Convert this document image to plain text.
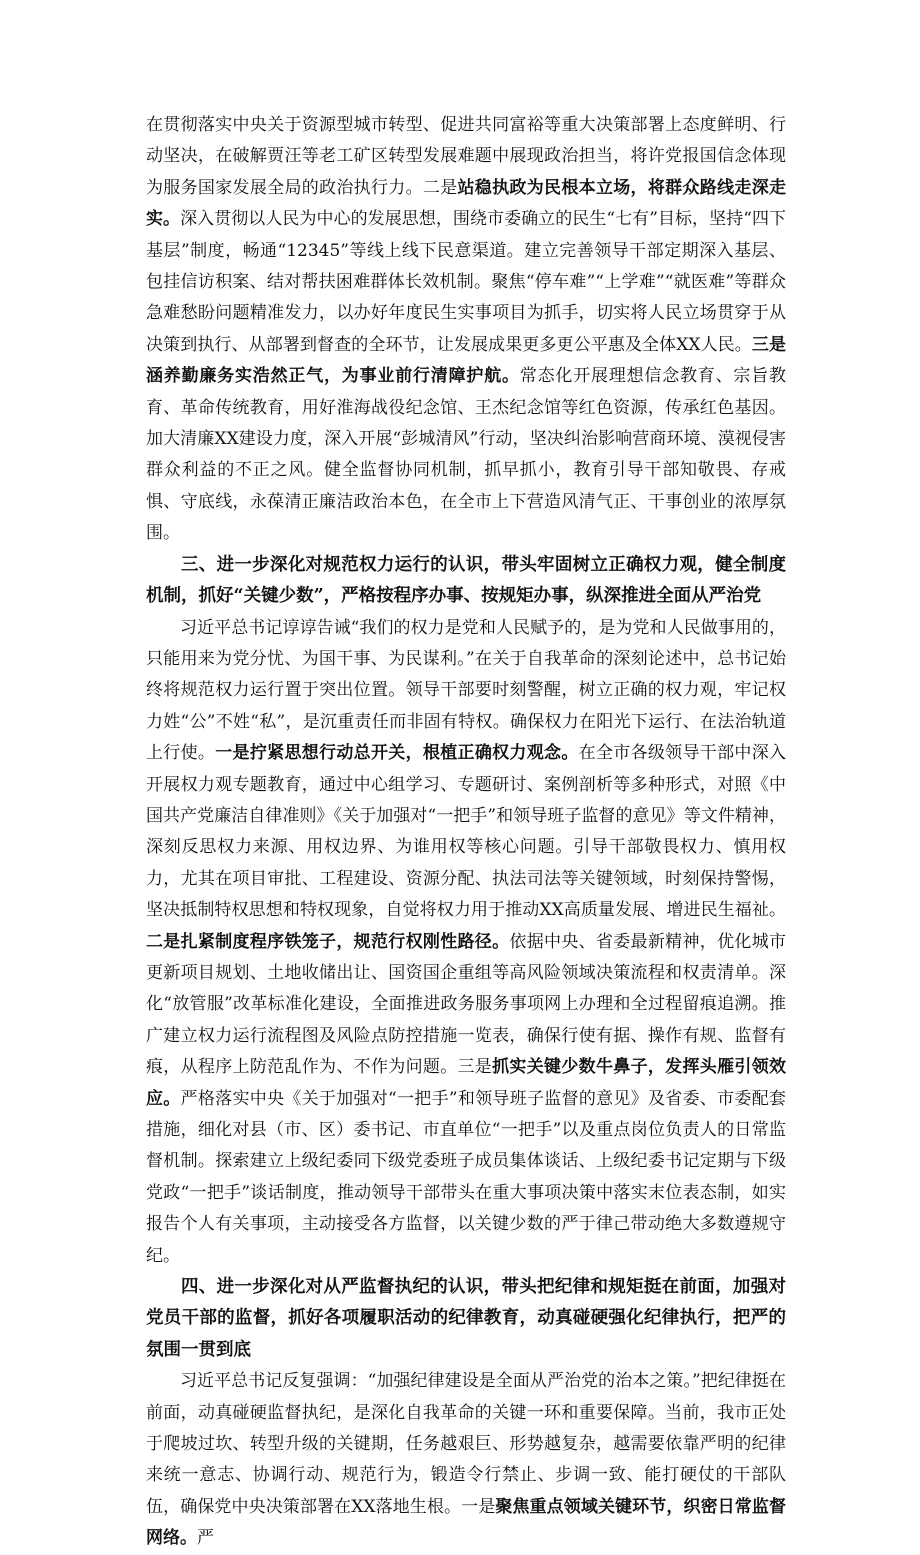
在贯彻落实中央关于资源型城市转型、促进共同富裕等重大决策部署上态度鲜明、行动坚决，在破解贾汪等老工矿区转型发展难题中展现政治担当，将许党报国信念体现为服务国家发展全局的政治执行力。二是站稳执政为民根本立场，将群众路线走深走实。深入贯彻以人民为中心的发展思想，围绕市委确立的民生“七有”目标，坚持“四下基层”制度，畅通“12345”等线上线下民意渠道。建立完善领导干部定期深入基层、包挂信访积案、结对帮扶困难群体长效机制。聚焦“停车难”“上学难”“就医难”等群众急难愁盼问题精准发力，以办好年度民生实事项目为抓手，切实将人民立场贯穿于从决策到执行、从部署到督查的全环节，让发展成果更多更公平惠及全体XX人民。三是涵养勤廉务实浩然正气，为事业前行清障护航。常态化开展理想信念教育、宗旨教育、革命传统教育，用好淮海战役纪念馆、王杰纪念馆等红色资源，传承红色基因。加大清廉XX建设力度，深入开展“彭城清风”行动，坚决纠治影响营商环境、漠视侵害群众利益的不正之风。健全监督协同机制，抓早抓小，教育引导干部知敬畏、存戒惧、守底线，永葆清正廉洁政治本色，在全市上下营造风清气正、干事创业的浓厚氛围。

三、进一步深化对规范权力运行的认识，带头牢固树立正确权力观，健全制度机制，抓好“关键少数”，严格按程序办事、按规矩办事，纵深推进全面从严治党

习近平总书记谆谆告诫“我们的权力是党和人民赋予的，是为党和人民做事用的，只能用来为党分忧、为国干事、为民谋利。”在关于自我革命的深刻论述中，总书记始终将规范权力运行置于突出位置。领导干部要时刻警醒，树立正确的权力观，牢记权力姓“公”不姓“私”，是沉重责任而非固有特权。确保权力在阳光下运行、在法治轨道上行使。一是拧紧思想行动总开关，根植正确权力观念。在全市各级领导干部中深入开展权力观专题教育，通过中心组学习、专题研讨、案例剖析等多种形式，对照《中国共产党廉洁自律准则》《关于加强对“一把手”和领导班子监督的意见》等文件精神，深刻反思权力来源、用权边界、为谁用权等核心问题。引导干部敬畏权力、慎用权力，尤其在项目审批、工程建设、资源分配、执法司法等关键领域，时刻保持警惕，坚决抵制特权思想和特权现象，自觉将权力用于推动XX高质量发展、增进民生福祉。二是扎紧制度程序铁笼子，规范行权刚性路径。依据中央、省委最新精神，优化城市更新项目规划、土地收储出让、国资国企重组等高风险领域决策流程和权责清单。深化“放管服”改革标准化建设，全面推进政务服务事项网上办理和全过程留痕追溯。推广建立权力运行流程图及风险点防控措施一览表，确保行使有据、操作有规、监督有痕，从程序上防范乱作为、不作为问题。三是抓实关键少数牛鼻子，发挥头雁引领效应。严格落实中央《关于加强对“一把手”和领导班子监督的意见》及省委、市委配套措施，细化对县（市、区）委书记、市直单位“一把手”以及重点岗位负责人的日常监督机制。探索建立上级纪委同下级党委班子成员集体谈话、上级纪委书记定期与下级党政“一把手”谈话制度，推动领导干部带头在重大事项决策中落实末位表态制，如实报告个人有关事项，主动接受各方监督，以关键少数的严于律己带动绝大多数遵规守纪。

四、进一步深化对从严监督执纪的认识，带头把纪律和规矩挺在前面，加强对党员干部的监督，抓好各项履职活动的纪律教育，动真碰硬强化纪律执行，把严的氛围一贯到底

习近平总书记反复强调：“加强纪律建设是全面从严治党的治本之策。”把纪律挺在前面，动真碰硬监督执纪，是深化自我革命的关键一环和重要保障。当前，我市正处于爬坡过坎、转型升级的关键期，任务越艰巨、形势越复杂，越需要依靠严明的纪律来统一意志、协调行动、规范行为，锻造令行禁止、步调一致、能打硬仗的干部队伍，确保党中央决策部署在XX落地生根。一是聚焦重点领域关键环节，织密日常监督网络。严
